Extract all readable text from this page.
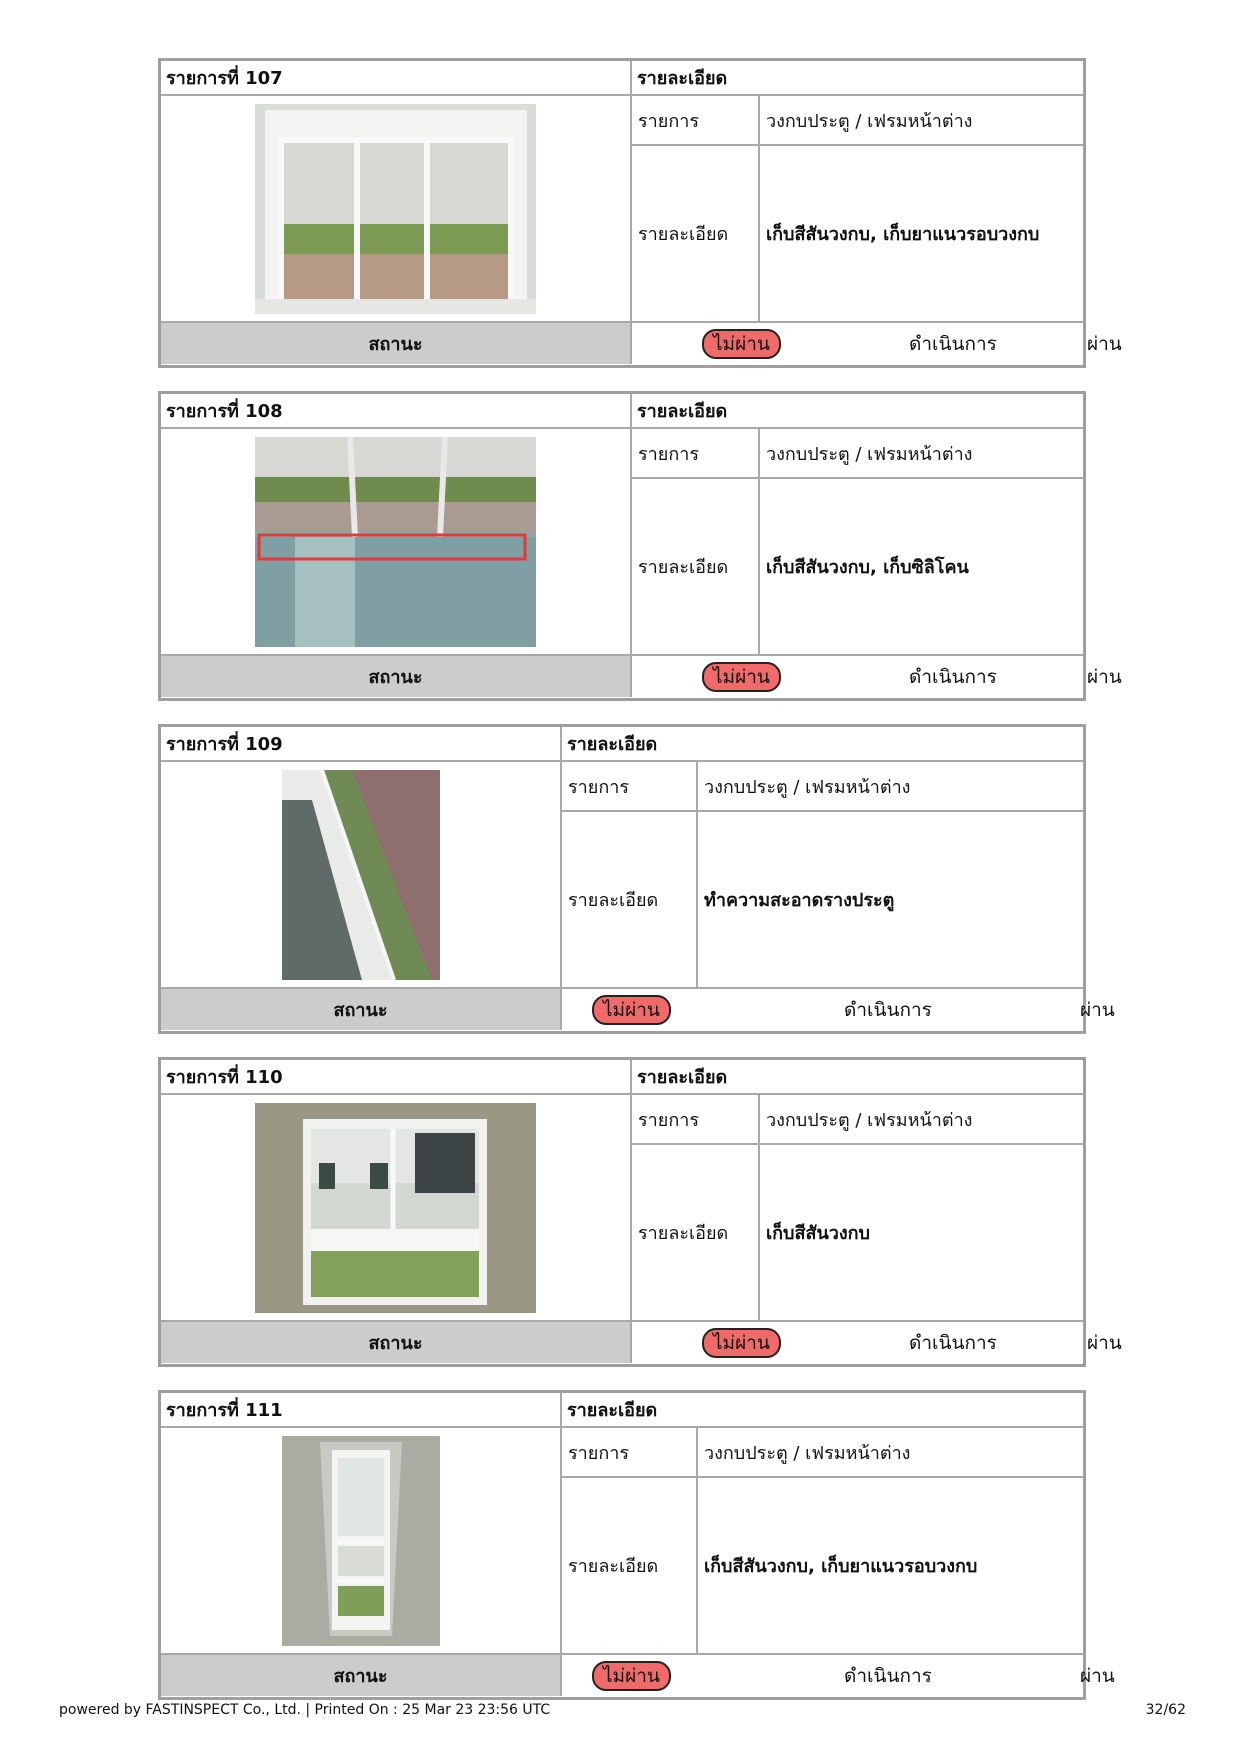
รายการที่ 107	รายละเอียด	

	รายการ	วงกบประตู / เฟรมหน้าต่าง
	รายละเอียด	เก็บสีสันวงกบ, เก็บยาแนวรอบวงกบ
สถานะ	ไม่ผ่าน ดำเนินการ ผ่าน	
รายการที่ 108	รายละเอียด	

	รายการ	วงกบประตู / เฟรมหน้าต่าง
	รายละเอียด	เก็บสีสันวงกบ, เก็บซิลิโคน
สถานะ	ไม่ผ่าน ดำเนินการ ผ่าน	
รายการที่ 109	รายละเอียด	

	รายการ	วงกบประตู / เฟรมหน้าต่าง
	รายละเอียด	ทำความสะอาดรางประตู
สถานะ	ไม่ผ่าน ดำเนินการ ผ่าน	
รายการที่ 110	รายละเอียด	

	รายการ	วงกบประตู / เฟรมหน้าต่าง
	รายละเอียด	เก็บสีสันวงกบ
สถานะ	ไม่ผ่าน ดำเนินการ ผ่าน	
รายการที่ 111	รายละเอียด	

	รายการ	วงกบประตู / เฟรมหน้าต่าง
	รายละเอียด	เก็บสีสันวงกบ, เก็บยาแนวรอบวงกบ
สถานะ	ไม่ผ่าน ดำเนินการ ผ่าน	
powered by FASTINSPECT Co., Ltd. | Printed On : 25 Mar 23 23:56 UTC	32/62
